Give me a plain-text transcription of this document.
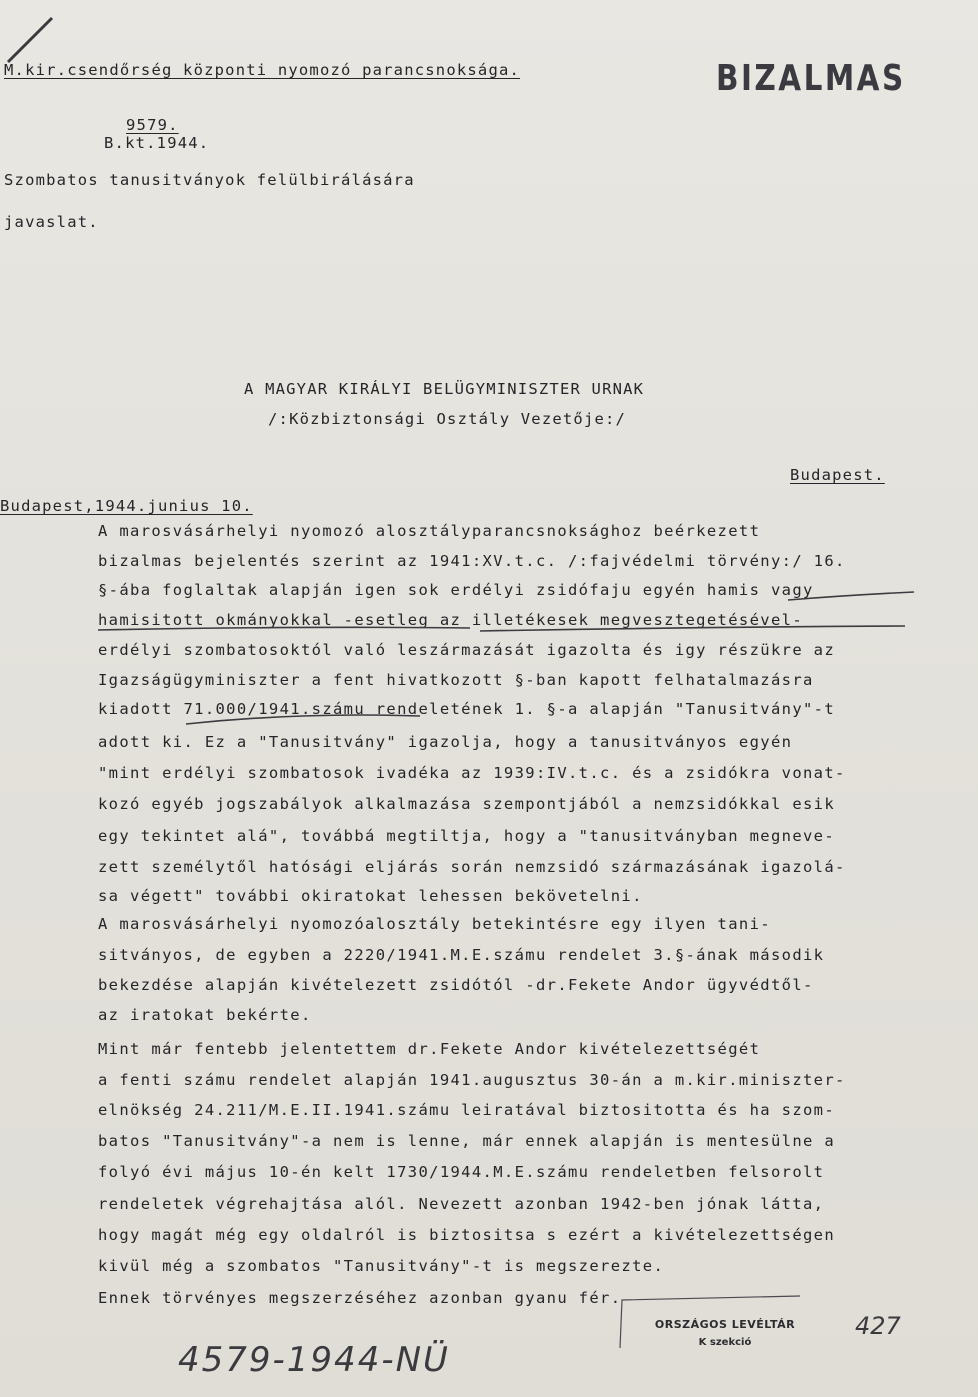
M.kir.csendőrség központi nyomozó parancsnoksága.	BIZALMAS
9579.
B.kt.1944.
Szombatos tanusitványok felülbirálására
javaslat.
A MAGYAR KIRÁLYI BELÜGYMINISZTER URNAK
/:Közbiztonsági Osztály Vezetője:/
Budapest.
Budapest,1944.junius 10.
A marosvásárhelyi nyomozó alosztályparancsnoksághoz beérkezett
bizalmas bejelentés szerint az 1941:XV.t.c. /:fajvédelmi törvény:/ 16.
§-ába foglaltak alapján igen sok erdélyi zsidófaju egyén hamis vagy
hamisitott okmányokkal -esetleg az illetékesek megvesztegetésével-
erdélyi szombatosoktól való leszármazását igazolta és igy részükre az
Igazságügyminiszter a fent hivatkozott §-ban kapott felhatalmazásra
kiadott 71.000/1941.számu rendeletének 1. §-a alapján "Tanusitvány"-t
adott ki. Ez a "Tanusitvány" igazolja, hogy a tanusitványos egyén
"mint erdélyi szombatosok ivadéka az 1939:IV.t.c. és a zsidókra vonat-
kozó egyéb jogszabályok alkalmazása szempontjából a nemzsidókkal esik
egy tekintet alá", továbbá megtiltja, hogy a "tanusitványban megneve-
zett személytől hatósági eljárás során nemzsidó származásának igazolá-
sa végett" további okiratokat lehessen bekövetelni.
A marosvásárhelyi nyomozóalosztály betekintésre egy ilyen tani-
sitványos, de egyben a 2220/1941.M.E.számu rendelet 3.§-ának második
bekezdése alapján kivételezett zsidótól -dr.Fekete Andor ügyvédtől-
az iratokat bekérte.
Mint már fentebb jelentettem dr.Fekete Andor kivételezettségét
a fenti számu rendelet alapján 1941.augusztus 30-án a m.kir.miniszter-
elnökség 24.211/M.E.II.1941.számu leiratával biztositotta és ha szom-
batos "Tanusitvány"-a nem is lenne, már ennek alapján is mentesülne a
folyó évi május 10-én kelt 1730/1944.M.E.számu rendeletben felsorolt
rendeletek végrehajtása alól. Nevezett azonban 1942-ben jónak látta,
hogy magát még egy oldalról is biztositsa s ezért a kivételezettségen
kivül még a szombatos "Tanusitvány"-t is megszerezte.
Ennek törvényes megszerzéséhez azonban gyanu fér.
ORSZÁGOS LEVÉLTÁR
K szekció
427
4579-1944-NÜ
